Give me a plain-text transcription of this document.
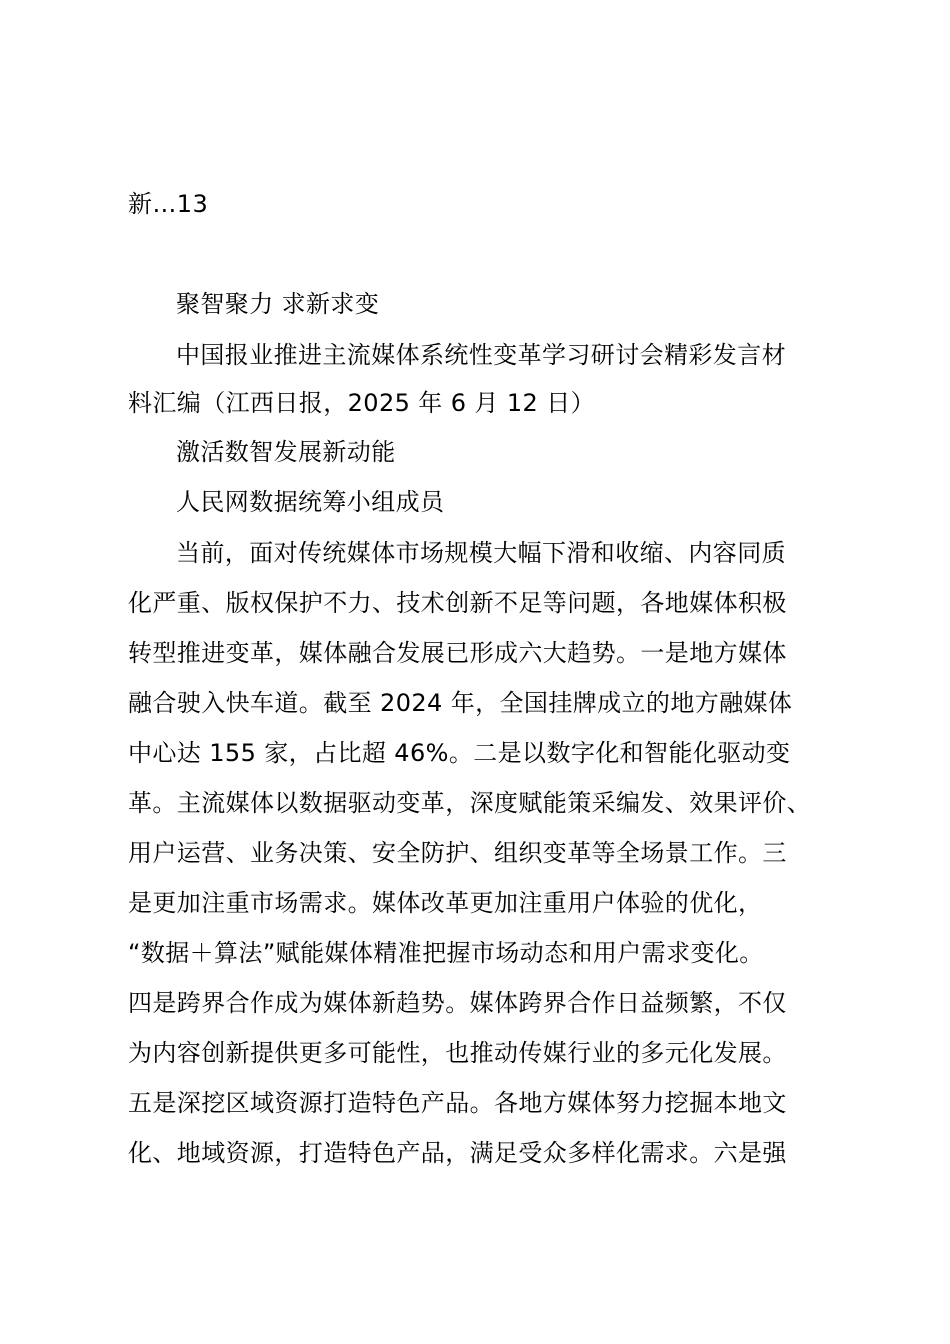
新…13
聚智聚力 求新求变
中国报业推进主流媒体系统性变革学习研讨会精彩发言材
料汇编（江西日报，2025 年 6 月 12 日）
激活数智发展新动能
人民网数据统筹小组成员
当前，面对传统媒体市场规模大幅下滑和收缩、内容同质
化严重、版权保护不力、技术创新不足等问题，各地媒体积极
转型推进变革，媒体融合发展已形成六大趋势。一是地方媒体
融合驶入快车道。截至 2024 年，全国挂牌成立的地方融媒体
中心达 155 家，占比超 46%。二是以数字化和智能化驱动变
革。主流媒体以数据驱动变革，深度赋能策采编发、效果评价、
用户运营、业务决策、安全防护、组织变革等全场景工作。三
是更加注重市场需求。媒体改革更加注重用户体验的优化，
“数据＋算法”赋能媒体精准把握市场动态和用户需求变化。
四是跨界合作成为媒体新趋势。媒体跨界合作日益频繁，不仅
为内容创新提供更多可能性，也推动传媒行业的多元化发展。
五是深挖区域资源打造特色产品。各地方媒体努力挖掘本地文
化、地域资源，打造特色产品，满足受众多样化需求。六是强
